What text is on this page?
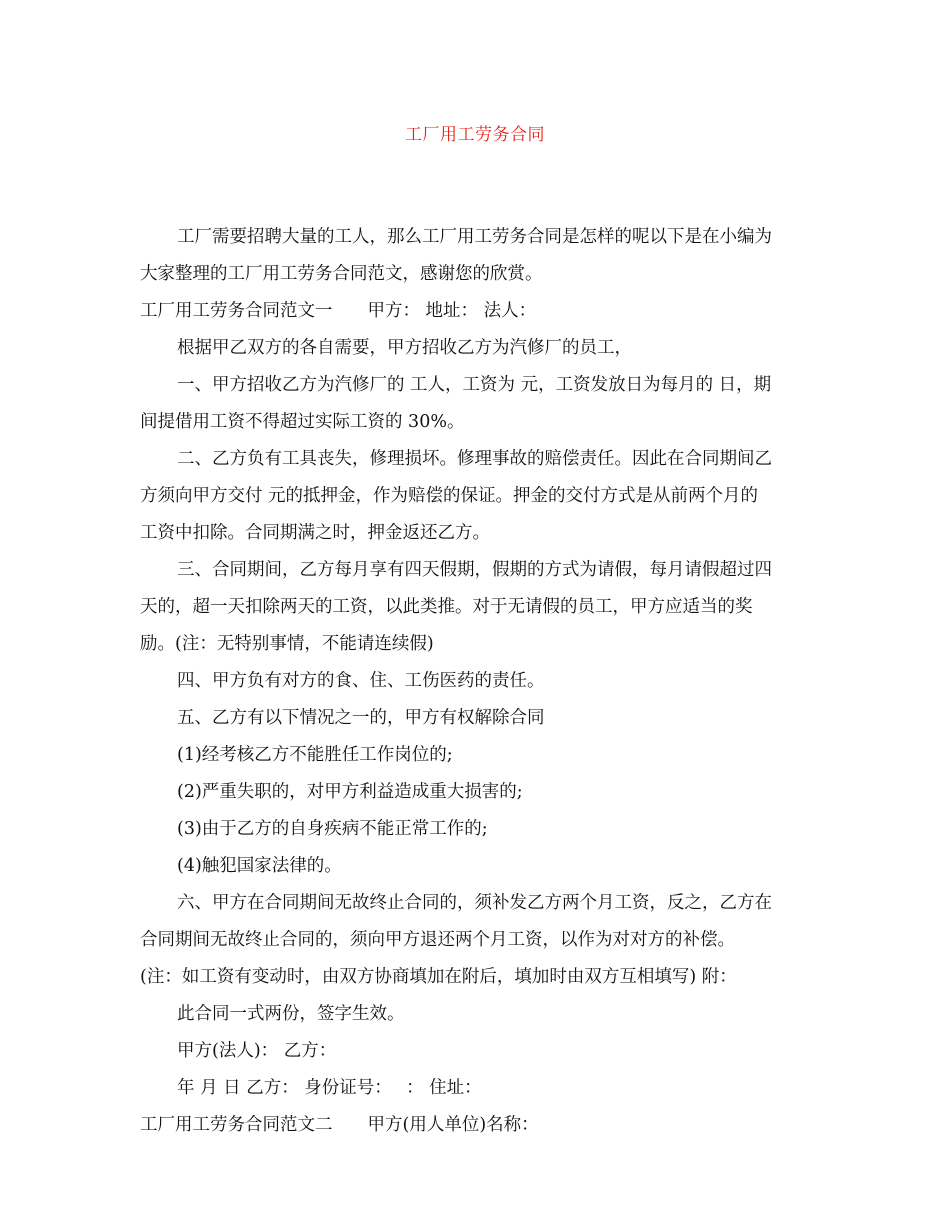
工厂用工劳务合同
工厂需要招聘大量的工人，那么工厂用工劳务合同是怎样的呢以下是在小编为
大家整理的工厂用工劳务合同范文，感谢您的欣赏。
工厂用工劳务合同范文一　　甲方： 地址： 法人：
根据甲乙双方的各自需要，甲方招收乙方为汽修厂的员工，
一、甲方招收乙方为汽修厂的 工人，工资为 元，工资发放日为每月的 日，期
间提借用工资不得超过实际工资的 30%。
二、乙方负有工具丧失，修理损坏。修理事故的赔偿责任。因此在合同期间乙
方须向甲方交付 元的抵押金，作为赔偿的保证。押金的交付方式是从前两个月的
工资中扣除。合同期满之时，押金返还乙方。
三、合同期间，乙方每月享有四天假期，假期的方式为请假，每月请假超过四
天的，超一天扣除两天的工资，以此类推。对于无请假的员工，甲方应适当的奖
励。(注：无特别事情，不能请连续假)
四、甲方负有对方的食、住、工伤医药的责任。
五、乙方有以下情况之一的，甲方有权解除合同
(1)经考核乙方不能胜任工作岗位的;
(2)严重失职的，对甲方利益造成重大损害的;
(3)由于乙方的自身疾病不能正常工作的;
(4)触犯国家法律的。
六、甲方在合同期间无故终止合同的，须补发乙方两个月工资，反之，乙方在
合同期间无故终止合同的，须向甲方退还两个月工资，以作为对对方的补偿。
(注：如工资有变动时，由双方协商填加在附后，填加时由双方互相填写) 附：
此合同一式两份，签字生效。
甲方(法人)： 乙方：
年 月 日 乙方： 身份证号：　 ： 住址：
工厂用工劳务合同范文二　　甲方(用人单位)名称：
